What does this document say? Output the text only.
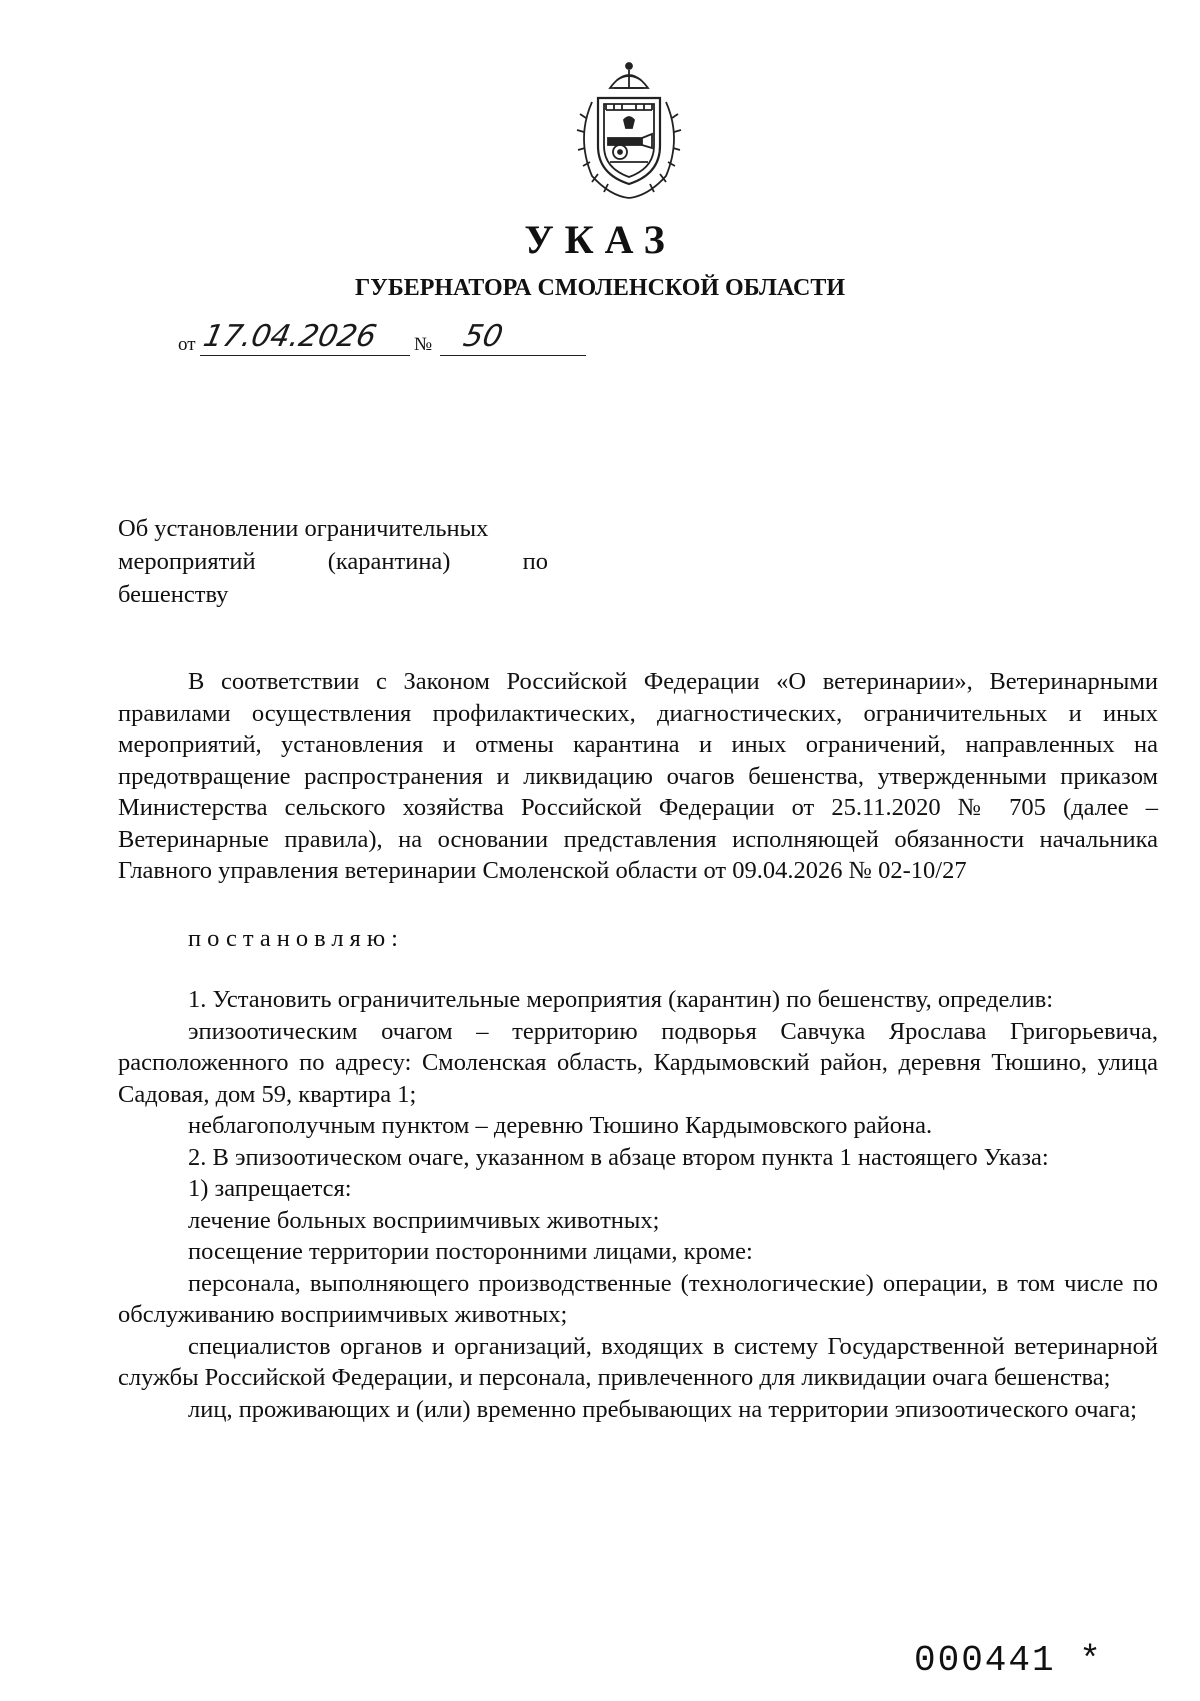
УКАЗ
ГУБЕРНАТОРА СМОЛЕНСКОЙ ОБЛАСТИ
от 17.04.2026 № 50
Об установлении ограничительных
мероприятий (карантина) по
бешенству

В соответствии с Законом Российской Федерации «О ветеринарии», Ветеринарными правилами осуществления профилактических, диагностических, ограничительных и иных мероприятий, установления и отмены карантина и иных ограничений, направленных на предотвращение распространения и ликвидацию очагов бешенства, утвержденными приказом Министерства сельского хозяйства Российской Федерации от 25.11.2020 № 705 (далее – Ветеринарные правила), на основании представления исполняющей обязанности начальника Главного управления ветеринарии Смоленской области от 09.04.2026 № 02-10/27

постановляю:

1. Установить ограничительные мероприятия (карантин) по бешенству, определив:

эпизоотическим очагом – территорию подворья Савчука Ярослава Григорьевича, расположенного по адресу: Смоленская область, Кардымовский район, деревня Тюшино, улица Садовая, дом 59, квартира 1;

неблагополучным пунктом – деревню Тюшино Кардымовского района.

2. В эпизоотическом очаге, указанном в абзаце втором пункта 1 настоящего Указа:

1) запрещается:

лечение больных восприимчивых животных;

посещение территории посторонними лицами, кроме:

персонала, выполняющего производственные (технологические) операции, в том числе по обслуживанию восприимчивых животных;

специалистов органов и организаций, входящих в систему Государственной ветеринарной службы Российской Федерации, и персонала, привлеченного для ликвидации очага бешенства;

лиц, проживающих и (или) временно пребывающих на территории эпизоотического очага;

000441 *
